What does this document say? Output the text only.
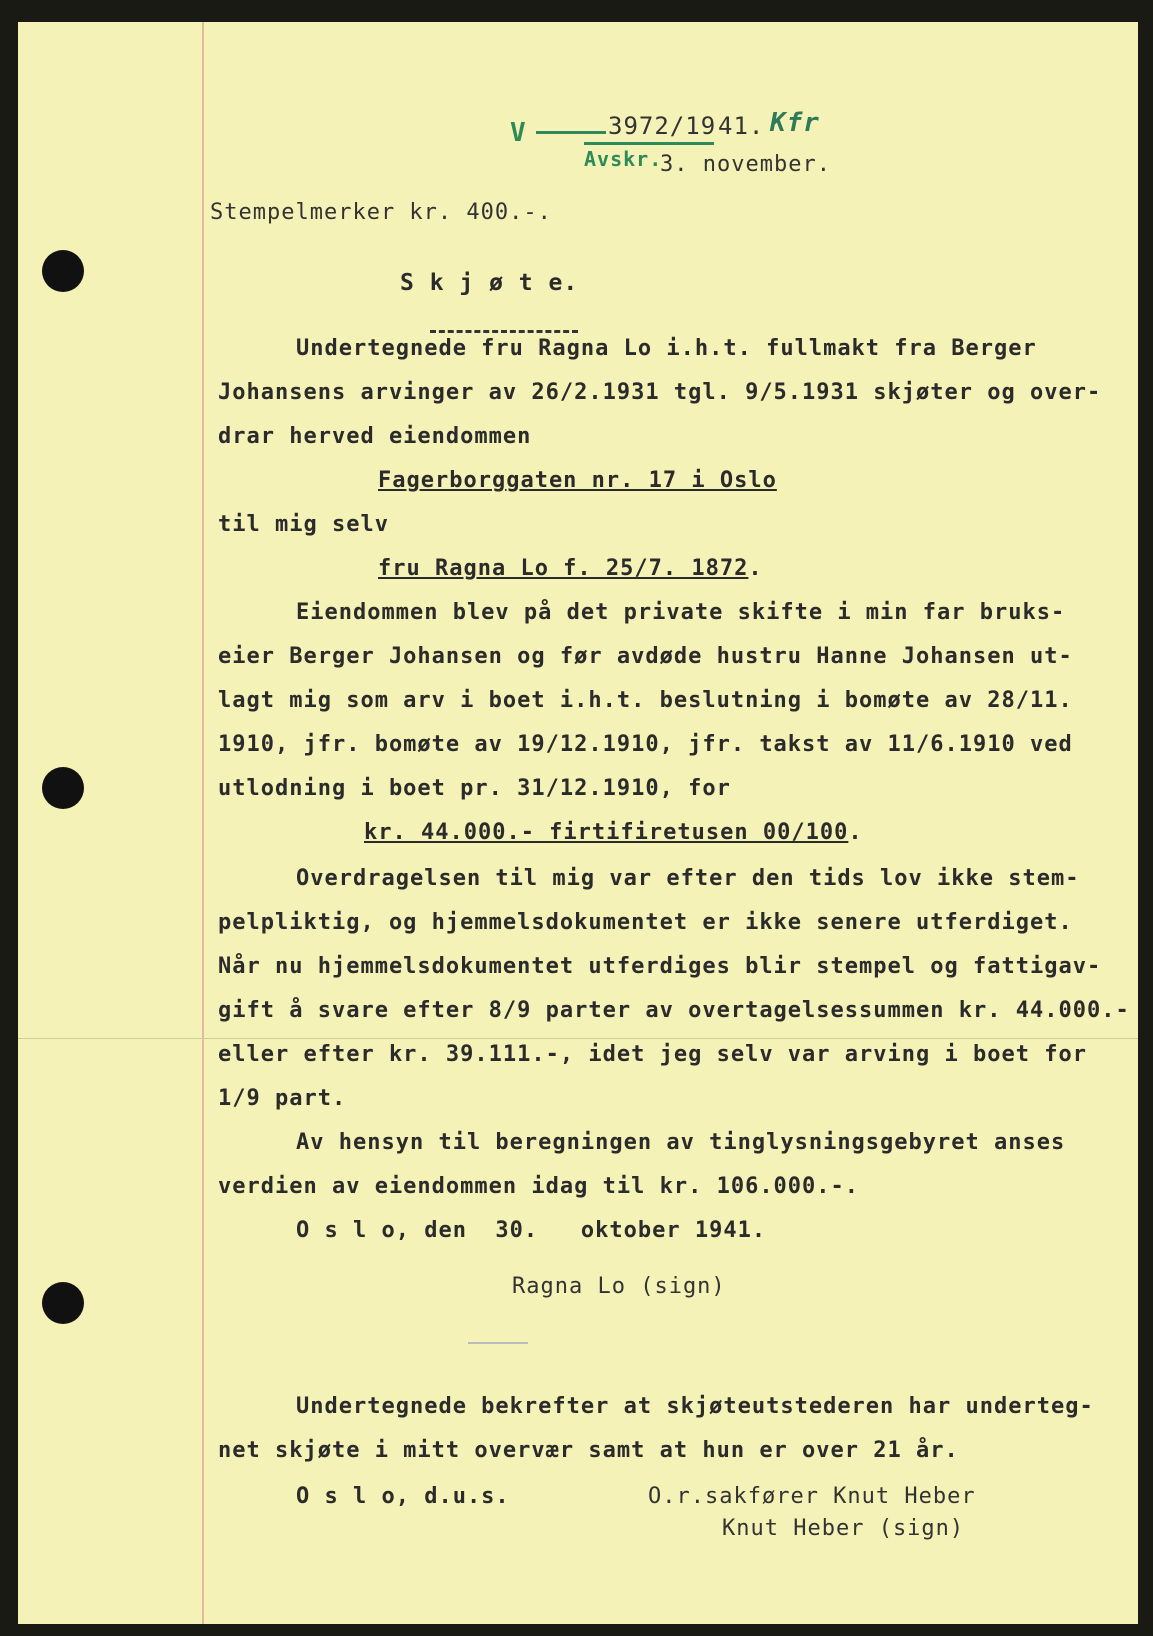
V	3972/19 41. Kfr
Avskr.
3. november.
Stempelmerker kr. 400.-.
S k j ø t e.
Undertegnede fru Ragna Lo i.h.t. fullmakt fra Berger
Johansens arvinger av 26/2.1931 tgl. 9/5.1931 skjøter og over-
drar herved eiendommen
Fagerborggaten nr. 17 i Oslo
til mig selv
fru Ragna Lo f. 25/7. 1872.
Eiendommen blev på det private skifte i min far bruks-
eier Berger Johansen og før avdøde hustru Hanne Johansen ut-
lagt mig som arv i boet i.h.t. beslutning i bomøte av 28/11.
1910, jfr. bomøte av 19/12.1910, jfr. takst av 11/6.1910 ved
utlodning i boet pr. 31/12.1910, for
kr. 44.000.- firtifiretusen 00/100.
Overdragelsen til mig var efter den tids lov ikke stem-
pelpliktig, og hjemmelsdokumentet er ikke senere utferdiget.
Når nu hjemmelsdokumentet utferdiges blir stempel og fattigav-
gift å svare efter 8/9 parter av overtagelsessummen kr. 44.000.-
eller efter kr. 39.111.-, idet jeg selv var arving i boet for
1/9 part.
Av hensyn til beregningen av tinglysningsgebyret anses
verdien av eiendommen idag til kr. 106.000.-.
O s l o, den  30.   oktober 1941.
Ragna Lo (sign)
Undertegnede bekrefter at skjøteutstederen har underteg-
net skjøte i mitt overvær samt at hun er over 21 år.
O s l o, d.u.s.	O.r.sakfører Knut Heber
Knut Heber (sign)
